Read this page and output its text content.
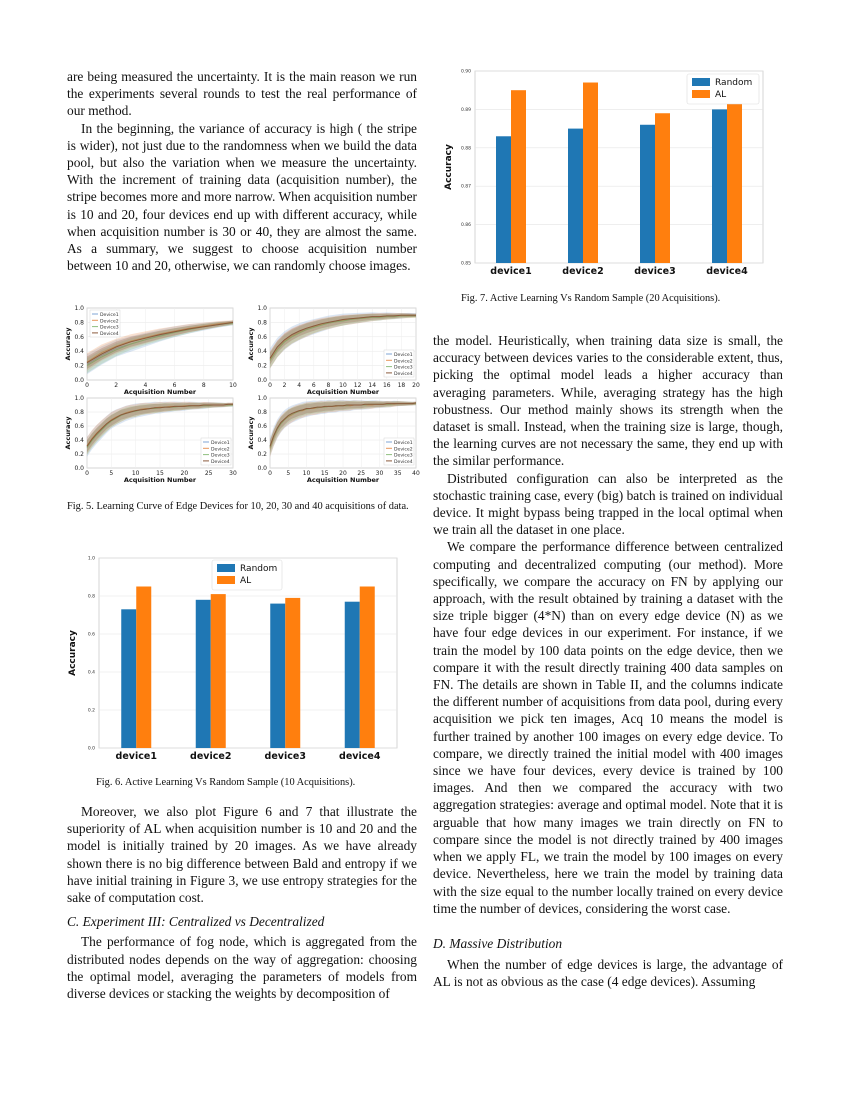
are being measured the uncertainty. It is the main reason we run the experiments several rounds to test the real performance of our method.

In the beginning, the variance of accuracy is high ( the stripe is wider), not just due to the randomness when we build the data pool, but also the variation when we measure the uncertainty. With the increment of training data (acquisition number), the stripe becomes more and more narrow. When acquisition number is 10 and 20, four devices end up with different accuracy, while when acquisition number is 30 or 40, they are almost the same. As a summary, we suggest to choose acquisition number between 10 and 20, otherwise, we can randomly choose images.

0.0
0.2
0.4
0.6
0.8
1.0
0	2	4	6	8	10
Device1
Device2
Device3
Device4
Acquisition Number
Accuracy
0.0
0.2
0.4
0.6
0.8
1.0
0 2 4 6 8 10 12 14 16 18 20
Device1
Device2
Device3
Device4
Acquisition Number
Accuracy
0.0
0.2
0.4
0.6
0.8
1.0
0	5	10	15	20	25	30
Device1
Device2
Device3
Device4
Acquisition Number
Accuracy
0.0
0.2
0.4
0.6
0.8
1.0
0 5 10 15 20 25 30 35 40
Device1
Device2
Device3
Device4
Acquisition Number
Accuracy
Fig. 5. Learning Curve of Edge Devices for 10, 20, 30 and 40 acquisitions of data.
0.0
0.2
0.4
0.6
0.8
1.0
device1	device2	device3	device4
Accuracy
Random
AL
Fig. 6. Active Learning Vs Random Sample (10 Acquisitions).

Moreover, we also plot Figure 6 and 7 that illustrate the superiority of AL when acquisition number is 10 and 20 and the model is initially trained by 20 images. As we have already shown there is no big difference between Bald and entropy if we have initial training in Figure 3, we use entropy strategies for the sake of computation cost.

C. Experiment III: Centralized vs Decentralized

The performance of fog node, which is aggregated from the distributed nodes depends on the way of aggregation: choosing the optimal model, averaging the parameters of models from diverse devices or stacking the weights by decomposition of

0.85
0.86
0.87
0.88
0.89
0.90
device1	device2	device3	device4
Accuracy
Random
AL
Fig. 7. Active Learning Vs Random Sample (20 Acquisitions).

the model. Heuristically, when training data size is small, the accuracy between devices varies to the considerable extent, thus, picking the optimal model leads a higher accuracy than averaging parameters. While, averaging strategy has the high robustness. Our method mainly shows its strength when the dataset is small. Instead, when the training size is large, though, the learning curves are not necessary the same, they end up with the similar performance.

Distributed configuration can also be interpreted as the stochastic training case, every (big) batch is trained on individual device. It might bypass being trapped in the local optimal when we train all the dataset in one place.

We compare the performance difference between centralized computing and decentralized computing (our method). More specifically, we compare the accuracy on FN by applying our approach, with the result obtained by training a dataset with the size triple bigger (4*N) than on every edge device (N) as we have four edge devices in our experiment. For instance, if we train the model by 100 data points on the edge device, then we compare it with the result directly training 400 data samples on FN. The details are shown in Table II, and the columns indicate the different number of acquisitions from data pool, during every acquisition we pick ten images, Acq 10 means the model is further trained by another 100 images on every edge device. To compare, we directly trained the initial model with 400 images since we have four devices, every device is trained by 100 images. And then we compared the accuracy with two aggregation strategies: average and optimal model. Note that it is arguable that how many images we train directly on FN to compare since the model is not directly trained by 400 images when we apply FL, we train the model by 100 images on every device. Nevertheless, here we train the model by training data with the size equal to the number locally trained on every device time the number of devices, considering the worst case.

D. Massive Distribution

When the number of edge devices is large, the advantage of AL is not as obvious as the case (4 edge devices). Assuming
